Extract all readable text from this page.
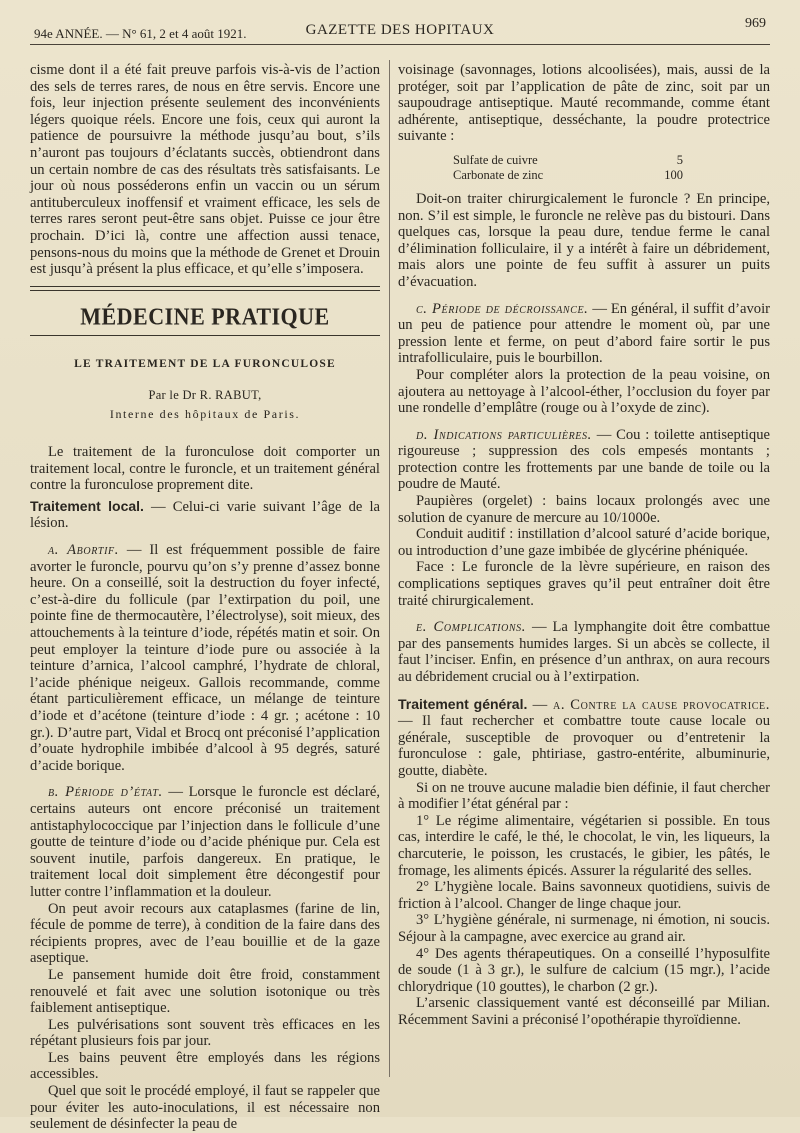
94e ANNÉE. — N° 61, 2 et 4 août 1921.	GAZETTE DES HOPITAUX	969

cisme dont il a été fait preuve parfois vis-à-vis de l’action des sels de terres rares, de nous en être servis. Encore une fois, leur injection présente seulement des inconvénients légers quoique réels. Encore une fois, ceux qui auront la patience de poursuivre la méthode jusqu’au bout, s’ils n’auront pas toujours d’éclatants succès, obtiendront dans un certain nombre de cas des résultats très satisfaisants. Le jour où nous posséderons enfin un vaccin ou un sérum antituberculeux inoffensif et vraiment efficace, les sels de terres rares seront peut-être sans objet. Puisse ce jour être prochain. D’ici là, contre une affection aussi tenace, pensons-nous du moins que la méthode de Grenet et Drouin est jusqu’à présent la plus efficace, et qu’elle s’imposera.

MÉDECINE PRATIQUE
LE TRAITEMENT DE LA FURONCULOSE

Par le Dr R. RABUT,

Interne des hôpitaux de Paris.

Le traitement de la furonculose doit comporter un traitement local, contre le furoncle, et un traitement général contre la furonculose proprement dite.

Traitement local. — Celui-ci varie suivant l’âge de la lésion.

a. Abortif. — Il est fréquemment possible de faire avorter le furoncle, pourvu qu’on s’y prenne d’assez bonne heure. On a conseillé, soit la destruction du foyer infecté, c’est-à-dire du follicule (par l’extirpation du poil, une pointe fine de thermocautère, l’électrolyse), soit mieux, des attouchements à la teinture d’iode, répétés matin et soir. On peut employer la teinture d’iode pure ou associée à la teinture d’arnica, l’alcool camphré, l’hydrate de chloral, l’acide phénique neigeux. Gallois recommande, comme étant particulièrement efficace, un mélange de teinture d’iode et d’acétone (teinture d’iode : 4 gr. ; acétone : 10 gr.). D’autre part, Vidal et Brocq ont préconisé l’application d’ouate hydrophile imbibée d’alcool à 95 degrés, saturé d’acide borique.

b. Période d’état. — Lorsque le furoncle est déclaré, certains auteurs ont encore préconisé un traitement antistaphylococcique par l’injection dans le follicule d’une goutte de teinture d’iode ou d’acide phénique pur. Cela est souvent inutile, parfois dangereux. En pratique, le traitement local doit simplement être décongestif pour lutter contre l’inflammation et la douleur.

On peut avoir recours aux cataplasmes (farine de lin, fécule de pomme de terre), à condition de la faire dans des récipients propres, avec de l’eau bouillie et de la gaze aseptique.

Le pansement humide doit être froid, constamment renouvelé et fait avec une solution isotonique ou très faiblement antiseptique.

Les pulvérisations sont souvent très efficaces en les répétant plusieurs fois par jour.

Les bains peuvent être employés dans les régions accessibles.

Quel que soit le procédé employé, il faut se rappeler que pour éviter les auto-inoculations, il est nécessaire non seulement de désinfecter la peau de

voisinage (savonnages, lotions alcoolisées), mais, aussi de la protéger, soit par l’application de pâte de zinc, soit par un saupoudrage antiseptique. Mauté recommande, comme étant adhérente, antiseptique, desséchante, la poudre protectrice suivante :

Sulfate de cuivre	5
Carbonate de zinc	100

Doit-on traiter chirurgicalement le furoncle ? En principe, non. S’il est simple, le furoncle ne relève pas du bistouri. Dans quelques cas, lorsque la peau dure, tendue ferme le canal d’élimination folliculaire, il y a intérêt à faire un débridement, mais alors une pointe de feu suffit à assurer un puits d’évacuation.

c. Période de décroissance. — En général, il suffit d’avoir un peu de patience pour attendre le moment où, par une pression lente et ferme, on peut d’abord faire sortir le pus intrafolliculaire, puis le bourbillon.

Pour compléter alors la protection de la peau voisine, on ajoutera au nettoyage à l’alcool-éther, l’occlusion du foyer par une rondelle d’emplâtre (rouge ou à l’oxyde de zinc).

d. Indications particulières. — Cou : toilette antiseptique rigoureuse ; suppression des cols empesés montants ; protection contre les frottements par une bande de toile ou la poudre de Mauté.

Paupières (orgelet) : bains locaux prolongés avec une solution de cyanure de mercure au 10/1000e.

Conduit auditif : instillation d’alcool saturé d’acide borique, ou introduction d’une gaze imbibée de glycérine phéniquée.

Face : Le furoncle de la lèvre supérieure, en raison des complications septiques graves qu’il peut entraîner doit être traité chirurgicalement.

e. Complications. — La lymphangite doit être combattue par des pansements humides larges. Si un abcès se collecte, il faut l’inciser. Enfin, en présence d’un anthrax, on aura recours au débridement crucial ou à l’extirpation.

Traitement général. — a. Contre la cause provocatrice. — Il faut rechercher et combattre toute cause locale ou générale, susceptible de provoquer ou d’entretenir la furonculose : gale, phtiriase, gastro-entérite, albuminurie, goutte, diabète.

Si on ne trouve aucune maladie bien définie, il faut chercher à modifier l’état général par :

1° Le régime alimentaire, végétarien si possible. En tous cas, interdire le café, le thé, le chocolat, le vin, les liqueurs, la charcuterie, le poisson, les crustacés, le gibier, les pâtés, le fromage, les aliments épicés. Assurer la régularité des selles.

2° L’hygiène locale. Bains savonneux quotidiens, suivis de friction à l’alcool. Changer de linge chaque jour.

3° L’hygiène générale, ni surmenage, ni émotion, ni soucis. Séjour à la campagne, avec exercice au grand air.

4° Des agents thérapeutiques. On a conseillé l’hyposulfite de soude (1 à 3 gr.), le sulfure de calcium (15 mgr.), l’acide chlorydrique (10 gouttes), le charbon (2 gr.).

L’arsenic classiquement vanté est déconseillé par Milian. Récemment Savini a préconisé l’opothérapie thyroïdienne.
